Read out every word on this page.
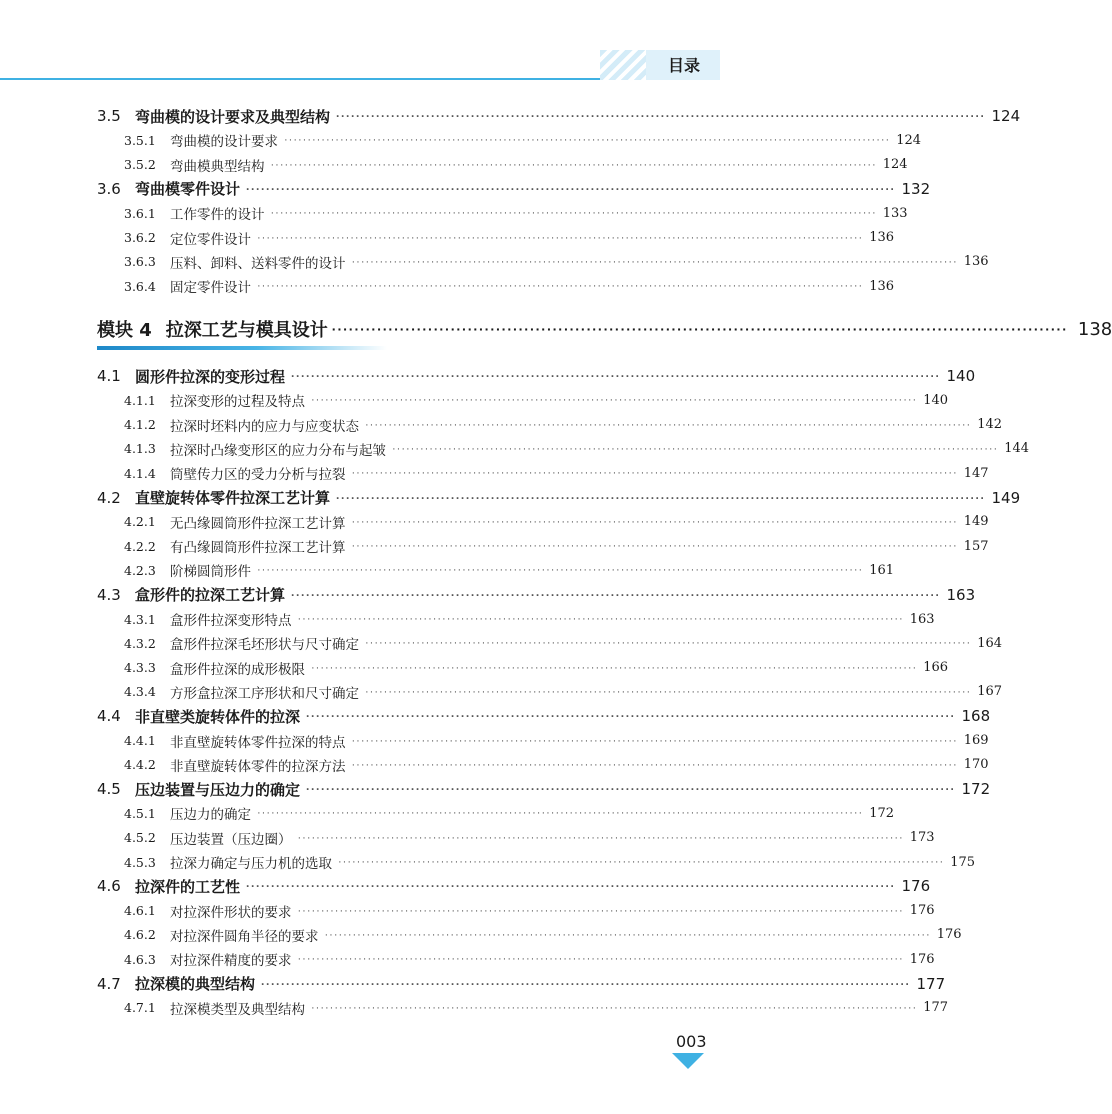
目录
3.5 弯曲模的设计要求及典型结构 ·································································································································· 124
3.5.1	弯曲模的设计要求 ·································································································································· 124
3.5.2	弯曲模典型结构 ·································································································································· 124
3.6 弯曲模零件设计 ·································································································································· 132
3.6.1	工作零件的设计 ·································································································································· 133
3.6.2	定位零件设计 ·································································································································· 136
3.6.3	压料、卸料、送料零件的设计 ·································································································································· 136
3.6.4	固定零件设计 ·································································································································· 136
模块 4 拉深工艺与模具设计 ·································································································································· 138
4.1 圆形件拉深的变形过程 ·································································································································· 140
4.1.1	拉深变形的过程及特点 ·································································································································· 140
4.1.2	拉深时坯料内的应力与应变状态 ·································································································································· 142
4.1.3	拉深时凸缘变形区的应力分布与起皱 ·································································································································· 144
4.1.4	筒壁传力区的受力分析与拉裂 ·································································································································· 147
4.2 直壁旋转体零件拉深工艺计算 ·································································································································· 149
4.2.1	无凸缘圆筒形件拉深工艺计算 ·································································································································· 149
4.2.2	有凸缘圆筒形件拉深工艺计算 ·································································································································· 157
4.2.3	阶梯圆筒形件 ·································································································································· 161
4.3 盒形件的拉深工艺计算 ·································································································································· 163
4.3.1	盒形件拉深变形特点 ·································································································································· 163
4.3.2	盒形件拉深毛坯形状与尺寸确定 ·································································································································· 164
4.3.3	盒形件拉深的成形极限 ·································································································································· 166
4.3.4	方形盒拉深工序形状和尺寸确定 ·································································································································· 167
4.4 非直壁类旋转体件的拉深 ·································································································································· 168
4.4.1	非直壁旋转体零件拉深的特点 ·································································································································· 169
4.4.2	非直壁旋转体零件的拉深方法 ·································································································································· 170
4.5 压边装置与压边力的确定 ·································································································································· 172
4.5.1	压边力的确定 ·································································································································· 172
4.5.2	压边装置（压边圈） ·································································································································· 173
4.5.3	拉深力确定与压力机的选取 ·································································································································· 175
4.6 拉深件的工艺性 ·································································································································· 176
4.6.1	对拉深件形状的要求 ·································································································································· 176
4.6.2	对拉深件圆角半径的要求 ·································································································································· 176
4.6.3	对拉深件精度的要求 ·································································································································· 176
4.7 拉深模的典型结构 ·································································································································· 177
4.7.1	拉深模类型及典型结构 ·································································································································· 177
003
